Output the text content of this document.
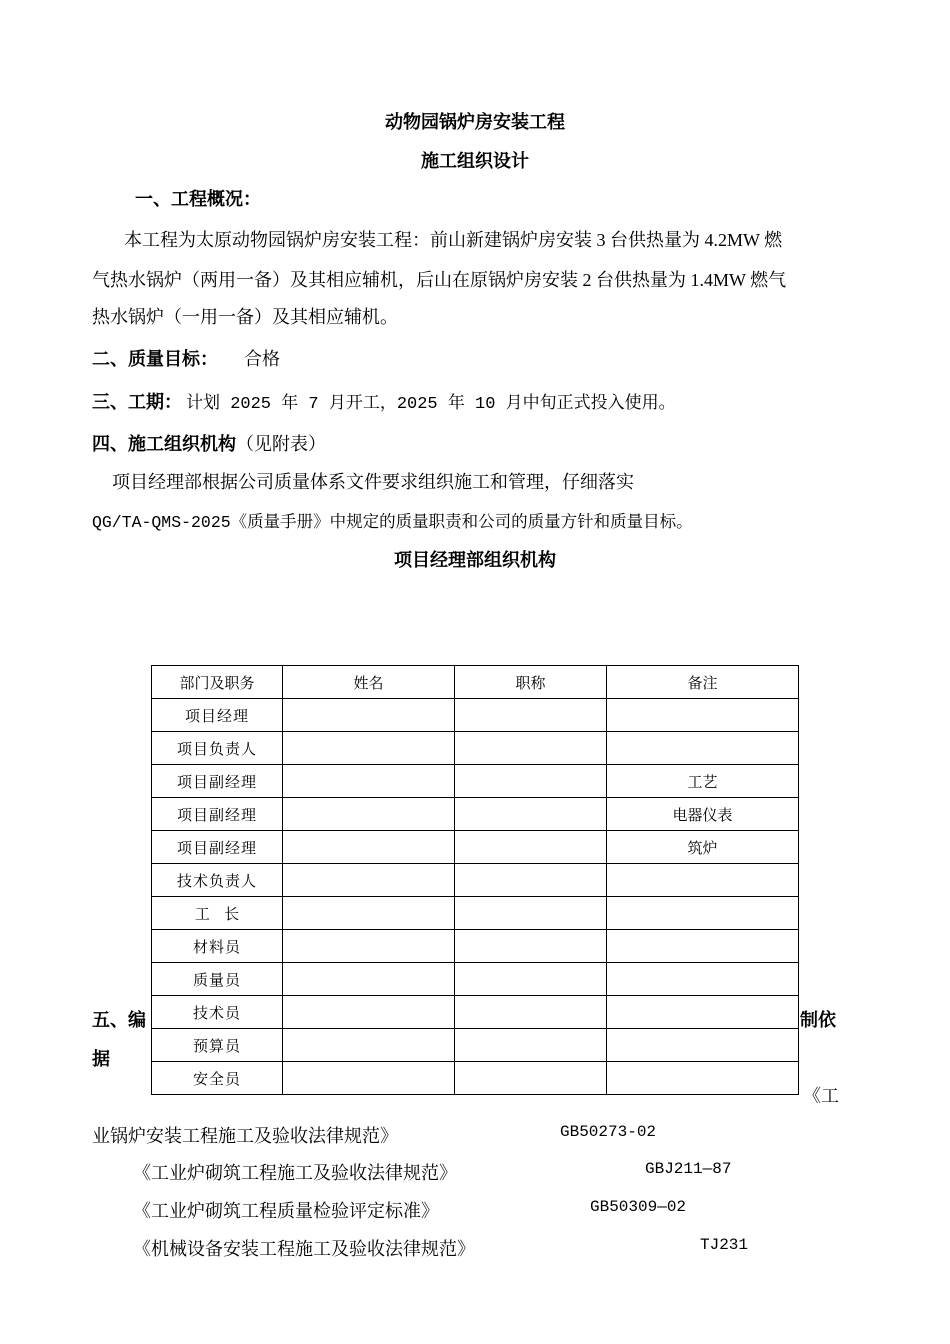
动物园锅炉房安装工程
施工组织设计
一、工程概况：
本工程为太原动物园锅炉房安装工程：前山新建锅炉房安装 3 台供热量为 4.2MW 燃
气热水锅炉（两用一备）及其相应辅机，后山在原锅炉房安装 2 台供热量为 1.4MW 燃气
热水锅炉（一用一备）及其相应辅机。
二、质量目标： 合格
三、工期： 计划 2025 年 7 月开工，2025 年 10 月中旬正式投入使用。
四、施工组织机构（见附表）
项目经理部根据公司质量体系文件要求组织施工和管理，仔细落实
QG/TA-QMS-2025《质量手册》中规定的质量职责和公司的质量方针和质量目标。
项目经理部组织机构
五、编	制依
据
《工
部门及职务	姓名	职称	备注
项目经理			
项目负责人			
项目副经理			工艺
项目副经理			电器仪表
项目副经理			筑炉
技术负责人			
工   长			
材料员			
质量员			
技术员			
预算员			
安全员			
业锅炉安装工程施工及验收法律规范》	GB50273-02
《工业炉砌筑工程施工及验收法律规范》	GBJ211—87
《工业炉砌筑工程质量检验评定标准》	GB50309—02
《机械设备安装工程施工及验收法律规范》	TJ231
